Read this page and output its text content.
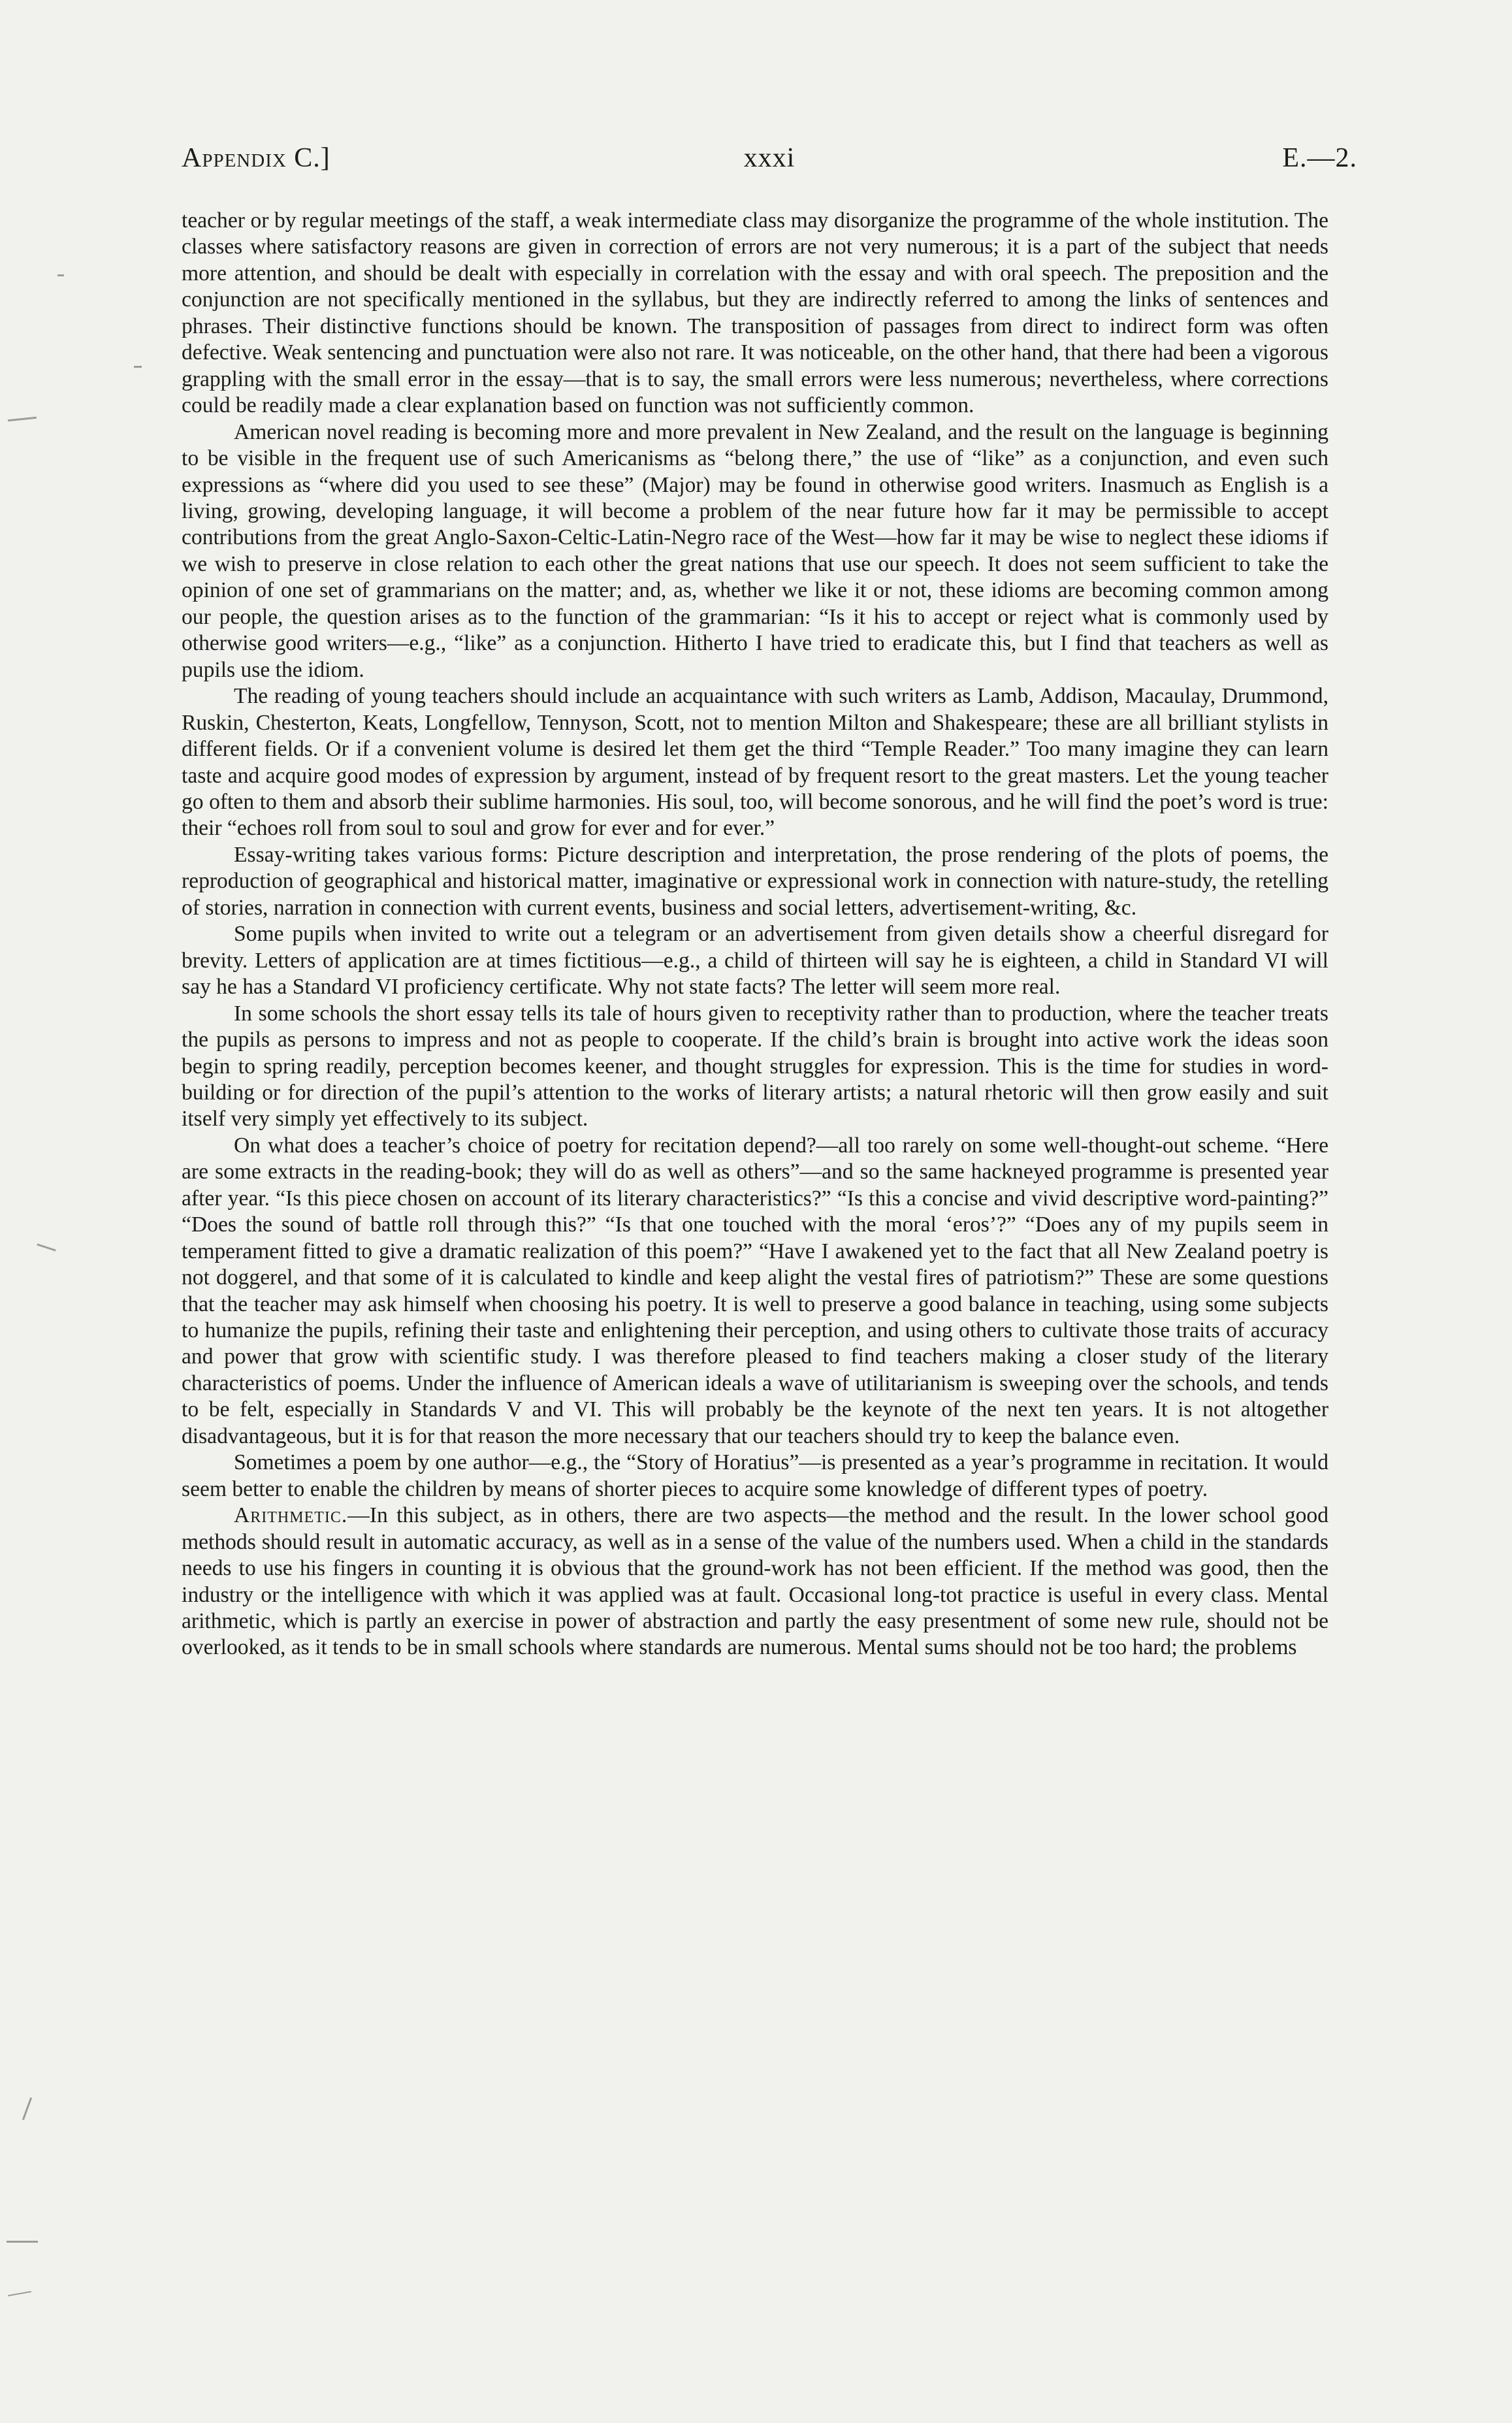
Appendix C.]	xxxi	E.—2.

teacher or by regular meetings of the staff, a weak intermediate class may disorganize the programme of the whole institution. The classes where satisfactory reasons are given in correction of errors are not very numerous; it is a part of the subject that needs more attention, and should be dealt with especially in correlation with the essay and with oral speech. The preposition and the conjunction are not specifically mentioned in the syllabus, but they are indirectly referred to among the links of sentences and phrases. Their distinctive functions should be known. The transposition of passages from direct to indirect form was often defective. Weak sentencing and punctuation were also not rare. It was noticeable, on the other hand, that there had been a vigorous grappling with the small error in the essay—that is to say, the small errors were less numerous; nevertheless, where corrections could be readily made a clear explanation based on function was not sufficiently common.

American novel reading is becoming more and more prevalent in New Zealand, and the result on the language is beginning to be visible in the frequent use of such Americanisms as “belong there,” the use of “like” as a conjunction, and even such expressions as “where did you used to see these” (Major) may be found in otherwise good writers. Inasmuch as English is a living, growing, developing language, it will become a problem of the near future how far it may be permissible to accept contributions from the great Anglo-Saxon-Celtic-Latin-Negro race of the West—how far it may be wise to neglect these idioms if we wish to preserve in close relation to each other the great nations that use our speech. It does not seem sufficient to take the opinion of one set of grammarians on the matter; and, as, whether we like it or not, these idioms are becoming common among our people, the question arises as to the function of the grammarian: “Is it his to accept or reject what is commonly used by otherwise good writers—e.g., “like” as a conjunction. Hitherto I have tried to eradicate this, but I find that teachers as well as pupils use the idiom.

The reading of young teachers should include an acquaintance with such writers as Lamb, Addison, Macaulay, Drummond, Ruskin, Chesterton, Keats, Longfellow, Tennyson, Scott, not to mention Milton and Shakespeare; these are all brilliant stylists in different fields. Or if a convenient volume is desired let them get the third “Temple Reader.” Too many imagine they can learn taste and acquire good modes of expression by argument, instead of by frequent resort to the great masters. Let the young teacher go often to them and absorb their sublime harmonies. His soul, too, will become sonorous, and he will find the poet’s word is true: their “echoes roll from soul to soul and grow for ever and for ever.”

Essay-writing takes various forms: Picture description and interpretation, the prose rendering of the plots of poems, the reproduction of geographical and historical matter, imaginative or expressional work in connection with nature-study, the retelling of stories, narration in connection with current events, business and social letters, advertisement-writing, &c.

Some pupils when invited to write out a telegram or an advertisement from given details show a cheerful disregard for brevity. Letters of application are at times fictitious—e.g., a child of thirteen will say he is eighteen, a child in Standard VI will say he has a Standard VI proficiency certificate. Why not state facts? The letter will seem more real.

In some schools the short essay tells its tale of hours given to receptivity rather than to production, where the teacher treats the pupils as persons to impress and not as people to cooperate. If the child’s brain is brought into active work the ideas soon begin to spring readily, perception becomes keener, and thought struggles for expression. This is the time for studies in word-building or for direction of the pupil’s attention to the works of literary artists; a natural rhetoric will then grow easily and suit itself very simply yet effectively to its subject.

On what does a teacher’s choice of poetry for recitation depend?—all too rarely on some well-thought-out scheme. “Here are some extracts in the reading-book; they will do as well as others”—and so the same hackneyed programme is presented year after year. “Is this piece chosen on account of its literary characteristics?” “Is this a concise and vivid descriptive word-painting?” “Does the sound of battle roll through this?” “Is that one touched with the moral ‘eros’?” “Does any of my pupils seem in temperament fitted to give a dramatic realization of this poem?” “Have I awakened yet to the fact that all New Zealand poetry is not doggerel, and that some of it is calculated to kindle and keep alight the vestal fires of patriotism?” These are some questions that the teacher may ask himself when choosing his poetry. It is well to preserve a good balance in teaching, using some subjects to humanize the pupils, refining their taste and enlightening their perception, and using others to cultivate those traits of accuracy and power that grow with scientific study. I was therefore pleased to find teachers making a closer study of the literary characteristics of poems. Under the influence of American ideals a wave of utilitarianism is sweeping over the schools, and tends to be felt, especially in Standards V and VI. This will probably be the keynote of the next ten years. It is not altogether disadvantageous, but it is for that reason the more necessary that our teachers should try to keep the balance even.

Sometimes a poem by one author—e.g., the “Story of Horatius”—is presented as a year’s programme in recitation. It would seem better to enable the children by means of shorter pieces to acquire some knowledge of different types of poetry.

Arithmetic.—In this subject, as in others, there are two aspects—the method and the result. In the lower school good methods should result in automatic accuracy, as well as in a sense of the value of the numbers used. When a child in the standards needs to use his fingers in counting it is obvious that the ground-work has not been efficient. If the method was good, then the industry or the intelligence with which it was applied was at fault. Occasional long-tot practice is useful in every class. Mental arithmetic, which is partly an exercise in power of abstraction and partly the easy presentment of some new rule, should not be overlooked, as it tends to be in small schools where standards are numerous. Mental sums should not be too hard; the problems
